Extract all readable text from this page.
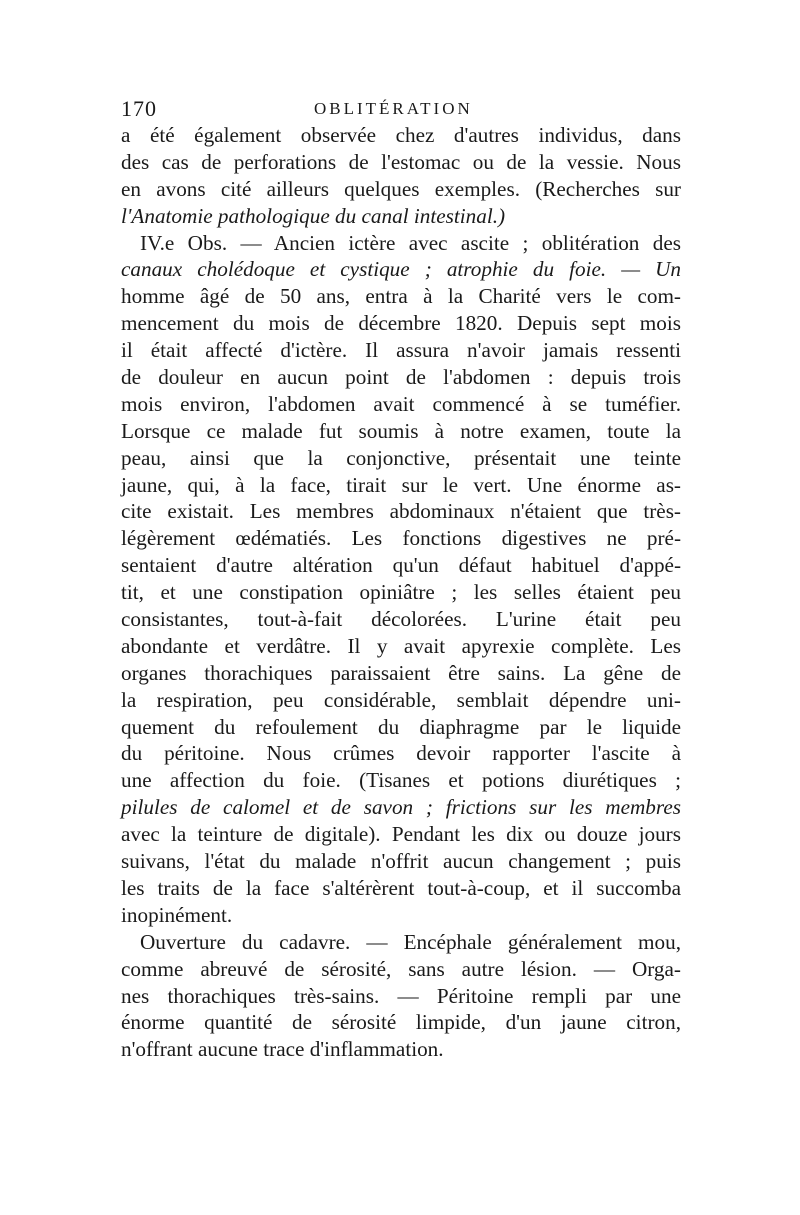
170	OBLITÉRATION
a été également observée chez d'autres individus, dans
des cas de perforations de l'estomac ou de la vessie. Nous
en avons cité ailleurs quelques exemples. (Recherches sur
l'Anatomie pathologique du canal intestinal.)
IV.e Obs. — Ancien ictère avec ascite ; oblitération des
canaux cholédoque et cystique ; atrophie du foie. — Un
homme âgé de 50 ans, entra à la Charité vers le com-
mencement du mois de décembre 1820. Depuis sept mois
il était affecté d'ictère. Il assura n'avoir jamais ressenti
de douleur en aucun point de l'abdomen : depuis trois
mois environ, l'abdomen avait commencé à se tuméfier.
Lorsque ce malade fut soumis à notre examen, toute la
peau, ainsi que la conjonctive, présentait une teinte
jaune, qui, à la face, tirait sur le vert. Une énorme as-
cite existait. Les membres abdominaux n'étaient que très-
légèrement œdématiés. Les fonctions digestives ne pré-
sentaient d'autre altération qu'un défaut habituel d'appé-
tit, et une constipation opiniâtre ; les selles étaient peu
consistantes, tout-à-fait décolorées. L'urine était peu
abondante et verdâtre. Il y avait apyrexie complète. Les
organes thorachiques paraissaient être sains. La gêne de
la respiration, peu considérable, semblait dépendre uni-
quement du refoulement du diaphragme par le liquide
du péritoine. Nous crûmes devoir rapporter l'ascite à
une affection du foie. (Tisanes et potions diurétiques ;
pilules de calomel et de savon ; frictions sur les membres
avec la teinture de digitale). Pendant les dix ou douze jours
suivans, l'état du malade n'offrit aucun changement ; puis
les traits de la face s'altérèrent tout-à-coup, et il succomba
inopinément.
Ouverture du cadavre. — Encéphale généralement mou,
comme abreuvé de sérosité, sans autre lésion. — Orga-
nes thorachiques très-sains. — Péritoine rempli par une
énorme quantité de sérosité limpide, d'un jaune citron,
n'offrant aucune trace d'inflammation.
